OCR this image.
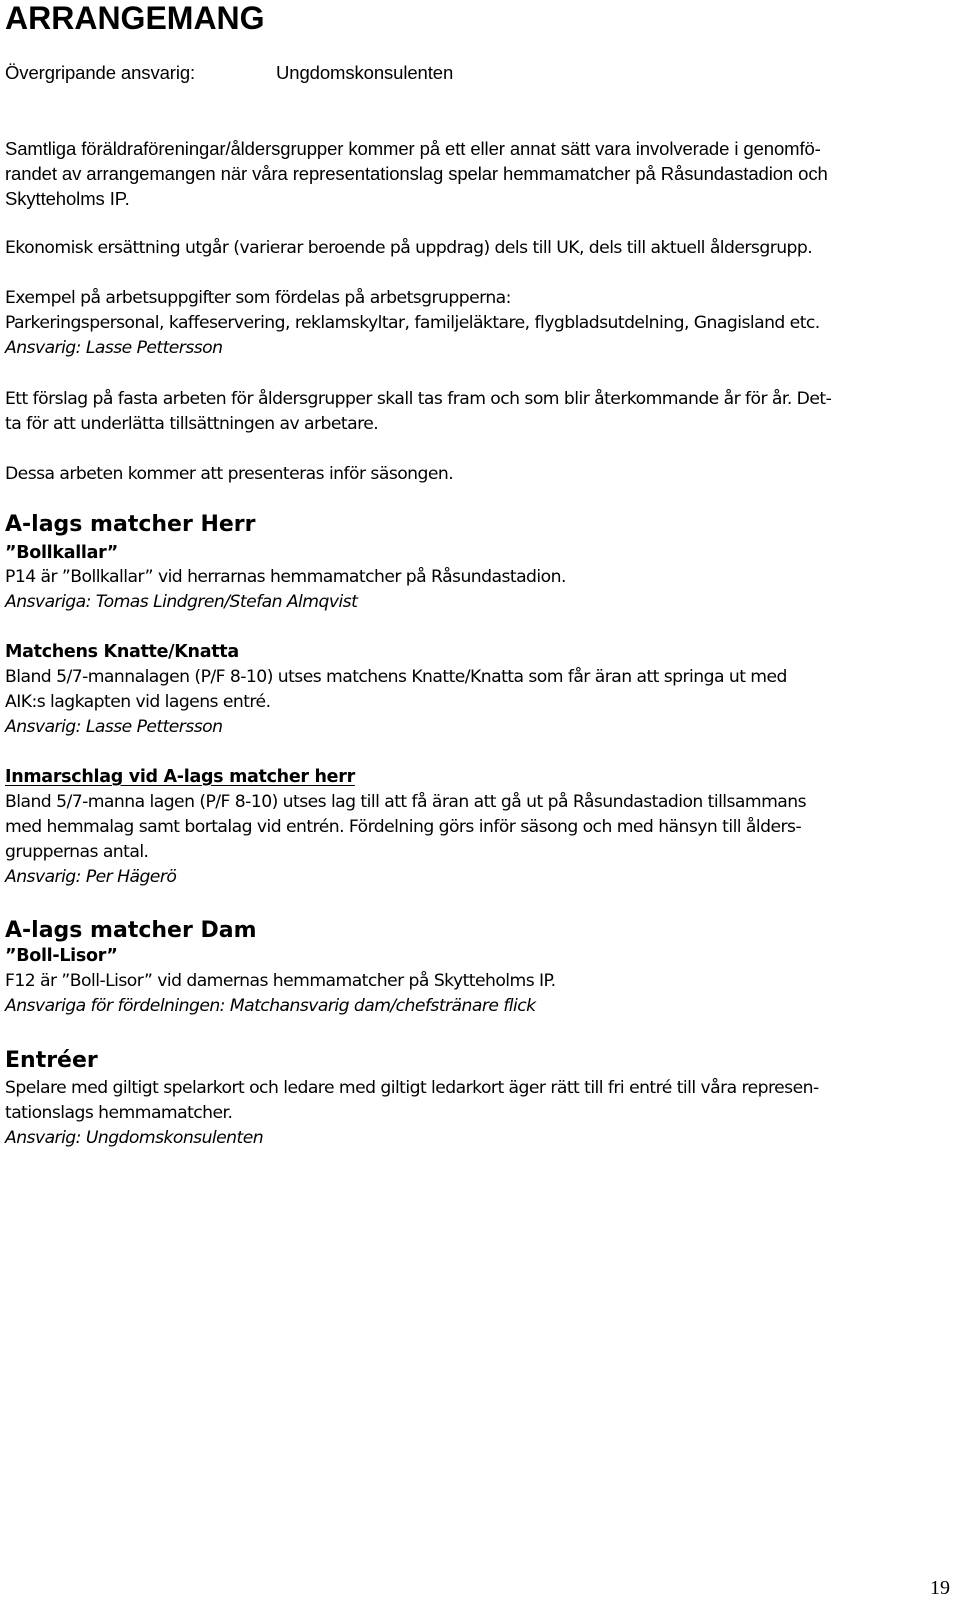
ARRANGEMANG
Övergripande ansvarig:	Ungdomskonsulenten
Samtliga föräldraföreningar/åldersgrupper kommer på ett eller annat sätt vara involverade i genomfö-
randet av arrangemangen när våra representationslag spelar hemmamatcher på Råsundastadion och
Skytteholms IP.
Ekonomisk ersättning utgår (varierar beroende på uppdrag) dels till UK, dels till aktuell åldersgrupp.
Exempel på arbetsuppgifter som fördelas på arbetsgrupperna:
Parkeringspersonal, kaffeservering, reklamskyltar, familjeläktare, flygbladsutdelning, Gnagisland etc.
Ansvarig: Lasse Pettersson
Ett förslag på fasta arbeten för åldersgrupper skall tas fram och som blir återkommande år för år. Det-
ta för att underlätta tillsättningen av arbetare.
Dessa arbeten kommer att presenteras inför säsongen.
A-lags matcher Herr
”Bollkallar”
P14 är ”Bollkallar” vid herrarnas hemmamatcher på Råsundastadion.
Ansvariga: Tomas Lindgren/Stefan Almqvist
Matchens Knatte/Knatta
Bland 5/7-mannalagen (P/F 8-10) utses matchens Knatte/Knatta som får äran att springa ut med
AIK:s lagkapten vid lagens entré.
Ansvarig: Lasse Pettersson
Inmarschlag vid A-lags matcher herr
Bland 5/7-manna lagen (P/F 8-10) utses lag till att få äran att gå ut på Råsundastadion tillsammans
med hemmalag samt bortalag vid entrén. Fördelning görs inför säsong och med hänsyn till ålders-
gruppernas antal.
Ansvarig: Per Hägerö
A-lags matcher Dam
”Boll-Lisor”
F12 är ”Boll-Lisor” vid damernas hemmamatcher på Skytteholms IP.
Ansvariga för fördelningen: Matchansvarig dam/chefstränare flick
Entréer
Spelare med giltigt spelarkort och ledare med giltigt ledarkort äger rätt till fri entré till våra represen-
tationslags hemmamatcher.
Ansvarig: Ungdomskonsulenten
19
